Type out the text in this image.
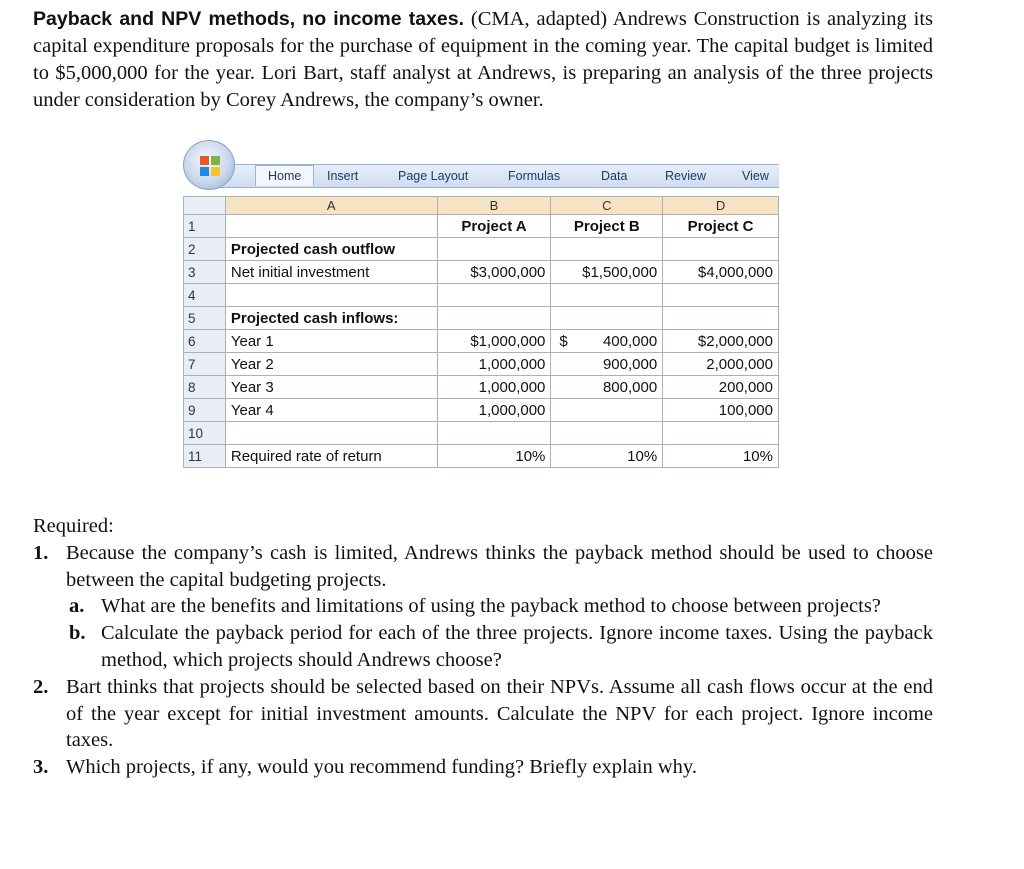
Payback and NPV methods, no income taxes. (CMA, adapted) Andrews Construction is analyzing its capital expenditure proposals for the purchase of equipment in the coming year. The capital budget is limited to $5,000,000 for the year. Lori Bart, staff analyst at Andrews, is preparing an analysis of the three projects under consideration by Corey Andrews, the company’s owner.
Home	Insert	Page Layout	Formulas	Data	Review	View
	A	B	C	D
1		Project A	Project B	Project C
2	Projected cash outflow			
3	Net initial investment	$3,000,000	$1,500,000	$4,000,000
4				
5	Projected cash inflows:			
6	Year 1	$1,000,000	$ 400,000	$2,000,000
7	Year 2	1,000,000	900,000	2,000,000
8	Year 3	1,000,000	800,000	200,000
9	Year 4	1,000,000		100,000
10				
11	Required rate of return	10%	10%	10%
Required:
1. Because the company’s cash is limited, Andrews thinks the payback method should be used to choose between the capital budgeting projects.
a. What are the benefits and limitations of using the payback method to choose between projects?
b. Calculate the payback period for each of the three projects. Ignore income taxes. Using the payback method, which projects should Andrews choose?
2. Bart thinks that projects should be selected based on their NPVs. Assume all cash flows occur at the end of the year except for initial investment amounts. Calculate the NPV for each project. Ignore income taxes.
3. Which projects, if any, would you recommend funding? Briefly explain why.
